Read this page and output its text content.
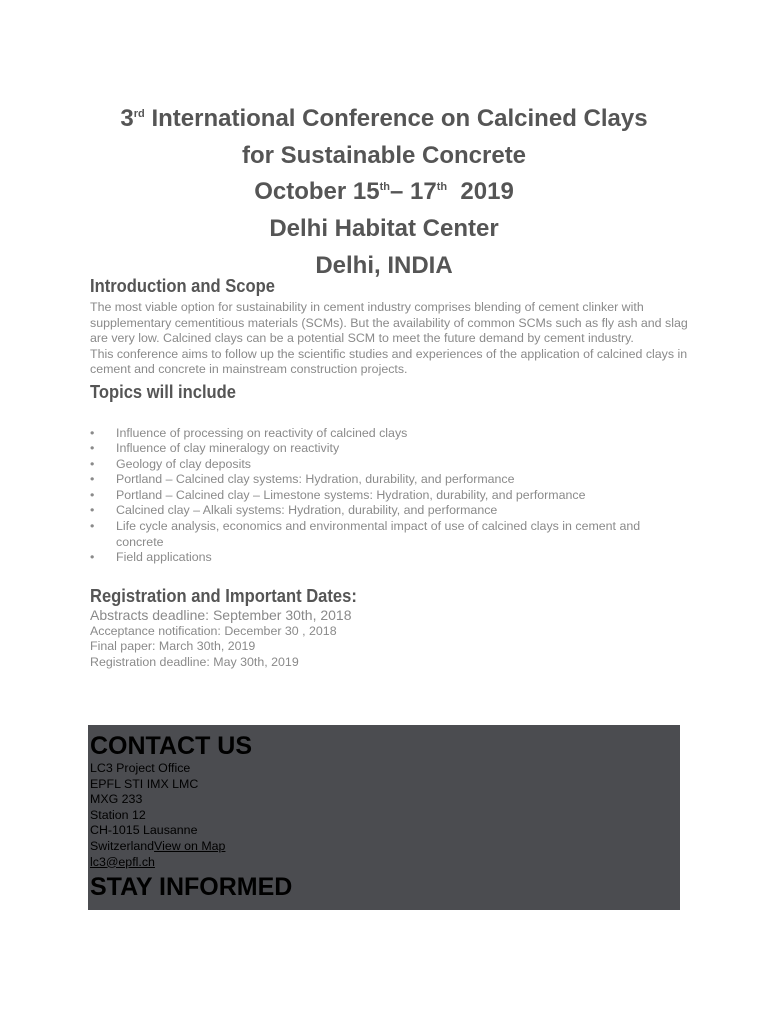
3rd International Conference on Calcined Clays

for Sustainable Concrete

October 15th– 17th 2019

Delhi Habitat Center

Delhi, INDIA

Introduction and Scope

The most viable option for sustainability in cement industry comprises blending of cement clinker with supplementary cementitious materials (SCMs). But the availability of common SCMs such as fly ash and slag are very low. Calcined clays can be a potential SCM to meet the future demand by cement industry.

This conference aims to follow up the scientific studies and experiences of the application of calcined clays in cement and concrete in mainstream construction projects.

Topics will include
• Influence of processing on reactivity of calcined clays
• Influence of clay mineralogy on reactivity
• Geology of clay deposits
• Portland – Calcined clay systems: Hydration, durability, and performance
• Portland – Calcined clay – Limestone systems: Hydration, durability, and performance
• Calcined clay – Alkali systems: Hydration, durability, and performance
• Life cycle analysis, economics and environmental impact of use of calcined clays in cement and concrete
• Field applications
Registration and Important Dates:

Abstracts deadline: September 30th, 2018

Acceptance notification: December 30 , 2018

Final paper: March 30th, 2019

Registration deadline: May 30th, 2019

CONTACT US
LC3 Project Office
EPFL STI IMX LMC
MXG 233
Station 12
CH-1015 Lausanne
SwitzerlandView on Map
lc3@epfl.ch
STAY INFORMED
